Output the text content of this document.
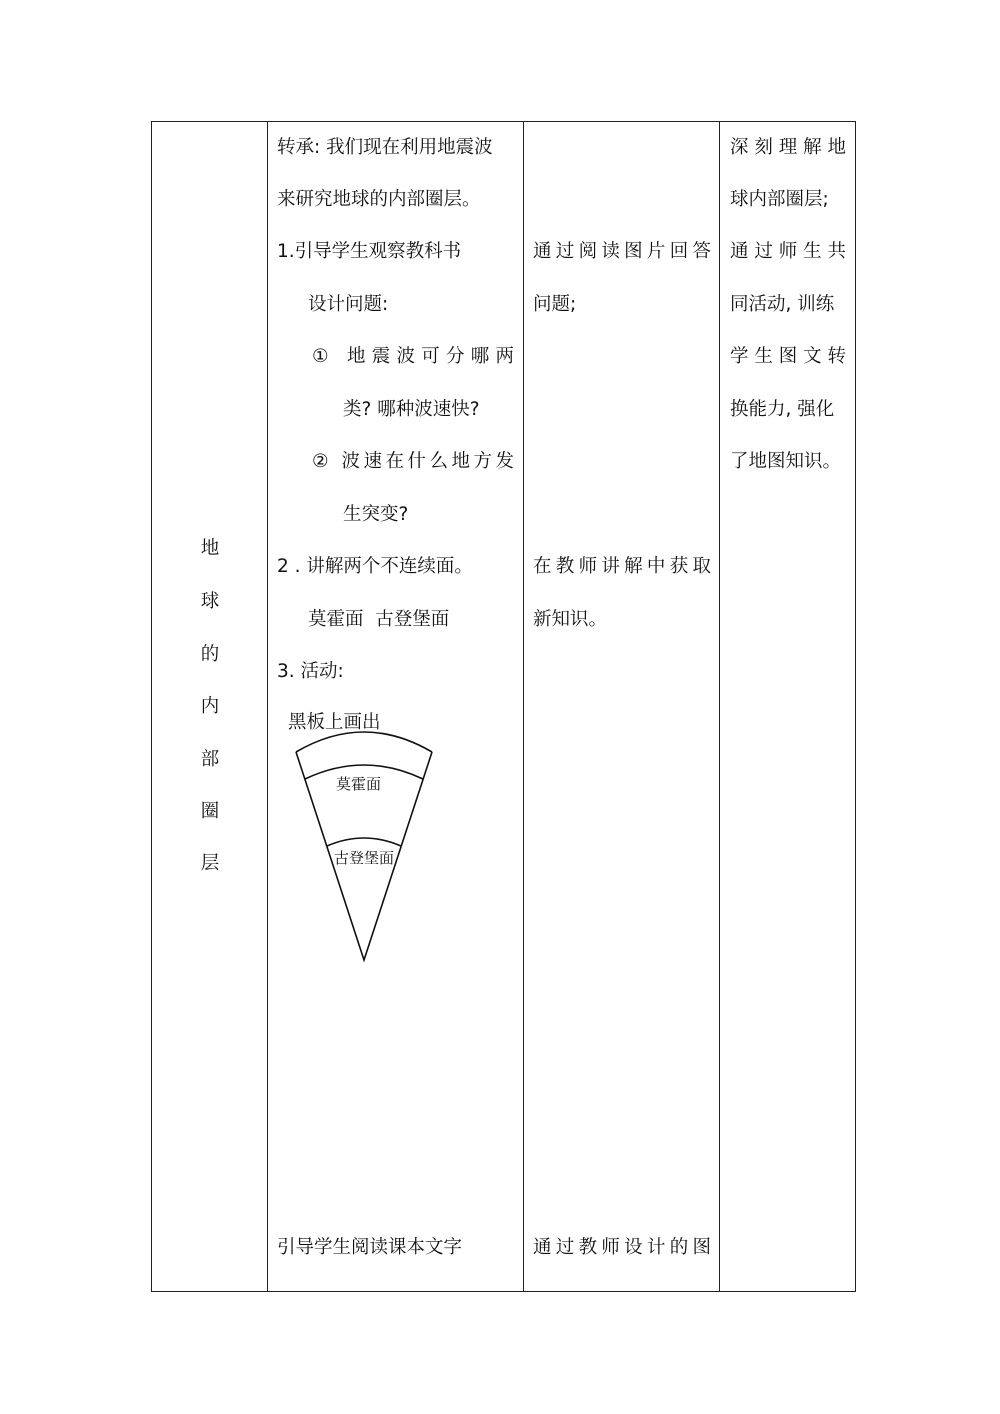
地
球
的
内
部
圈
层
转承: 我们现在利用地震波
来研究地球的内部圈层。
1.引导学生观察教科书
设计问题:
① 地震波可分哪两
类? 哪种波速快?
② 波速在什么地方发
生突变?
2 . 讲解两个不连续面。
莫霍面  古登堡面
3. 活动:
黑板上画出
莫霍面
古登堡面
引导学生阅读课本文字
通过阅读图片回答
问题;
在教师讲解中获取
新知识。
通过教师设计的图
深刻理解地
球内部圈层;
通过师生共
同活动, 训练
学生图文转
换能力, 强化
了地图知识。
